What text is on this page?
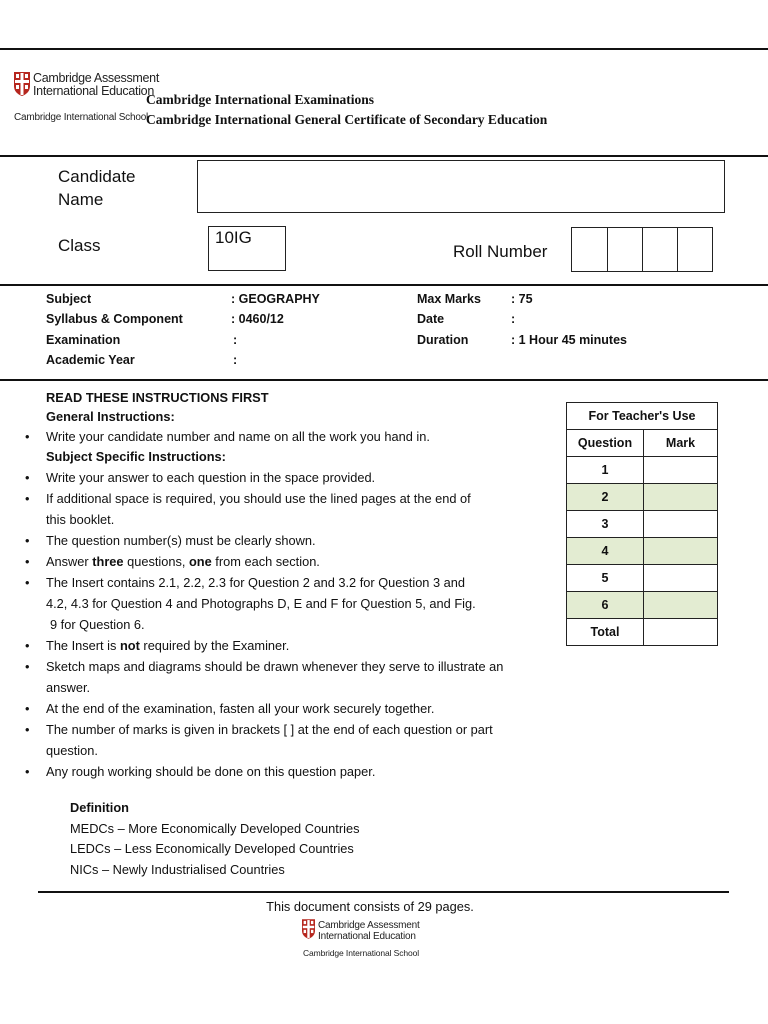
Cambridge Assessment
International Education
Cambridge International School
Cambridge International Examinations
Cambridge International General Certificate of Secondary Education
Candidate
Name
Class	10IG
Roll Number
Subject	: GEOGRAPHY
Syllabus & Component	: 0460/12
Examination	:
Academic Year	:
Max Marks : 75
Date	:
Duration	: 1 Hour 45 minutes
READ THESE INSTRUCTIONS FIRST
General Instructions:
• Write your candidate number and name on all the work you hand in.
Subject Specific Instructions:
• Write your answer to each question in the space provided.
• If additional space is required, you should use the lined pages at the end of
this booklet.
• The question number(s) must be clearly shown.
• Answer three questions, one from each section.
• The Insert contains 2.1, 2.2, 2.3 for Question 2 and 3.2 for Question 3 and
4.2, 4.3 for Question 4 and Photographs D, E and F for Question 5, and Fig.
9 for Question 6.
• The Insert is not required by the Examiner.
• Sketch maps and diagrams should be drawn whenever they serve to illustrate an
answer.
• At the end of the examination, fasten all your work securely together.
• The number of marks is given in brackets [ ] at the end of each question or part
question.
• Any rough working should be done on this question paper.
Definition
MEDCs – More Economically Developed Countries
LEDCs – Less Economically Developed Countries
NICs – Newly Industrialised Countries
For Teacher's Use	
Question	Mark
1	
2	
3	
4	
5	
6	
Total	
This document consists of 29 pages.
Cambridge Assessment
International Education
Cambridge International School
